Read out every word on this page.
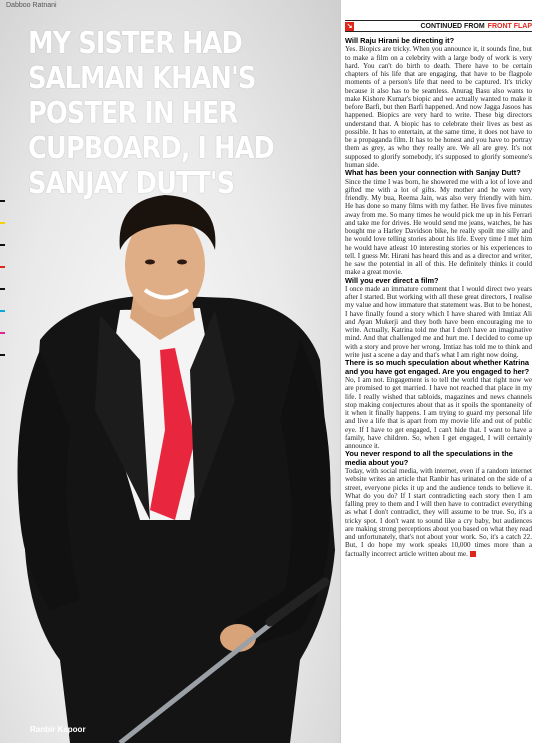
Dabboo Ratnani
MY SISTER HAD SALMAN KHAN'S POSTER IN HER CUPBOARD, I HAD SANJAY DUTT'S
Ranbir Kapoor
↘	CONTINUED FROM FRONT FLAP

Will Raju Hirani be directing it?

Yes. Biopics are tricky. When you announce it, it sounds fine, but to make a film on a celebrity with a large body of work is very hard. You can't do birth to death. There have to be certain chapters of his life that are engaging, that have to be flagpole moments of a person's life that need to be captured. It's tricky because it also has to be seamless. Anurag Basu also wants to make Kishore Kumar's biopic and we actually wanted to make it before Barfi, but then Barfi happened. And now Jagga Jasoos has happened. Biopics are very hard to write. These big directors understand that. A biopic has to celebrate their lives as best as possible. It has to entertain, at the same time, it does not have to be a propaganda film. It has to be honest and you have to portray them as grey, as who they really are. We all are grey. It's not supposed to glorify somebody, it's supposed to glorify someone's human side.

What has been your connection with Sanjay Dutt?

Since the time I was born, he showered me with a lot of love and gifted me with a lot of gifts. My mother and he were very friendly. My bua, Reema Jain, was also very friendly with him. He has done so many films with my father. He lives five minutes away from me. So many times he would pick me up in his Ferrari and take me for drives. He would send me jeans, watches, he has bought me a Harley Davidson bike, he really spoilt me silly and he would love telling stories about his life. Every time I met him he would have atleast 10 interesting stories or his experiences to tell. I guess Mr. Hirani has heard this and as a director and writer, he saw the potential in all of this. He definitely thinks it could make a great movie.

Will you ever direct a film?

I once made an immature comment that I would direct two years after I started. But working with all these great directors, I realise my value and how immature that statement was. But to be honest, I have finally found a story which I have shared with Imtiaz Ali and Ayan Mukerji and they both have been encouraging me to write. Actually, Katrina told me that I don't have an imaginative mind. And that challenged me and hurt me. I decided to come up with a story and prove her wrong. Imtiaz has told me to think and write just a scene a day and that's what I am right now doing.

There is so much speculation about whether Katrina and you have got engaged. Are you engaged to her?

No, I am not. Engagement is to tell the world that right now we are promised to get married. I have not reached that place in my life. I really wished that tabloids, magazines and news channels stop making conjectures about that as it spoils the spontaneity of it when it finally happens. I am trying to guard my personal life and live a life that is apart from my movie life and out of public eye. If I have to get engaged, I can't hide that. I want to have a family, have children. So, when I get engaged, I will certainly announce it.

You never respond to all the speculations in the media about you?

Today, with social media, with internet, even if a random internet website writes an article that Ranbir has urinated on the side of a street, everyone picks it up and the audience tends to believe it. What do you do? If I start contradicting each story then I am falling prey to them and I will then have to contradict everything as what I don't contradict, they will assume to be true. So, it's a tricky spot. I don't want to sound like a cry baby, but audiences are making strong perceptions about you based on what they read and unfortunately, that's not about your work. So, it's a catch 22. But, I do hope my work speaks 10,000 times more than a factually incorrect article written about me.
